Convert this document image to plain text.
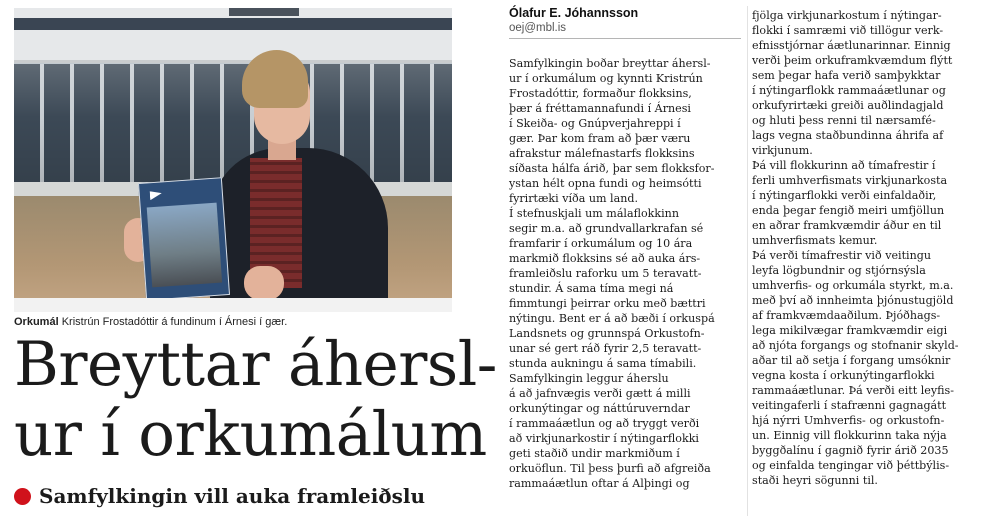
Orkumál Kristrún Frostadóttir á fundinum í Árnesi í gær.
Breyttar áhersl-
ur í orkumálum
Samfylkingin vill auka framleiðslu
Ólafur E. Jóhannsson
oej@mbl.is
Samfylkingin boðar breyttar áhersl-
ur í orkumálum og kynnti Kristrún
Frostadóttir, formaður flokksins,
þær á fréttamannafundi í Árnesi
í Skeiða- og Gnúpverjahreppi í
gær. Þar kom fram að þær væru
afrakstur málefnastarfs flokksins
síðasta hálfa árið, þar sem flokksfor-
ystan hélt opna fundi og heimsótti
fyrirtæki víða um land.
Í stefnuskjali um málaflokkinn
segir m.a. að grundvallarkrafan sé
framfarir í orkumálum og 10 ára
markmið flokksins sé að auka árs-
framleiðslu raforku um 5 teravatt-
stundir. Á sama tíma megi ná
fimmtungi þeirrar orku með bættri
nýtingu. Bent er á að bæði í orkuspá
Landsnets og grunnspá Orkustofn-
unar sé gert ráð fyrir 2,5 teravatt-
stunda aukningu á sama tímabili.
Samfylkingin leggur áherslu
á að jafnvægis verði gætt á milli
orkunýtingar og náttúruverndar
í rammaáætlun og að tryggt verði
að virkjunarkostir í nýtingarflokki
geti staðið undir markmiðum í
orkuöflun. Til þess þurfi að afgreiða
rammaáætlun oftar á Alþingi og
fjölga virkjunarkostum í nýtingar-
flokki í samræmi við tillögur verk-
efnisstjórnar áætlunarinnar. Einnig
verði þeim orkuframkvæmdum flýtt
sem þegar hafa verið samþykktar
í nýtingarflokk rammaáætlunar og
orkufyrirtæki greiði auðlindagjald
og hluti þess renni til nærsamfé-
lags vegna staðbundinna áhrifa af
virkjunum.
Þá vill flokkurinn að tímafrestir í
ferli umhverfismats virkjunarkosta
í nýtingarflokki verði einfaldaðir,
enda þegar fengið meiri umfjöllun
en aðrar framkvæmdir áður en til
umhverfismats kemur.
Þá verði tímafrestir við veitingu
leyfa lögbundnir og stjórnsýsla
umhverfis- og orkumála styrkt, m.a.
með því að innheimta þjónustugjöld
af framkvæmdaaðilum. Þjóðhags-
lega mikilvægar framkvæmdir eigi
að njóta forgangs og stofnanir skyld-
aðar til að setja í forgang umsóknir
vegna kosta í orkunýtingarflokki
rammaáætlunar. Þá verði eitt leyfis-
veitingaferli í stafrænni gagnagátt
hjá nýrri Umhverfis- og orkustofn-
un. Einnig vill flokkurinn taka nýja
byggðalínu í gagnið fyrir árið 2035
og einfalda tengingar við þéttbýlis-
staði heyri sögunni til.
